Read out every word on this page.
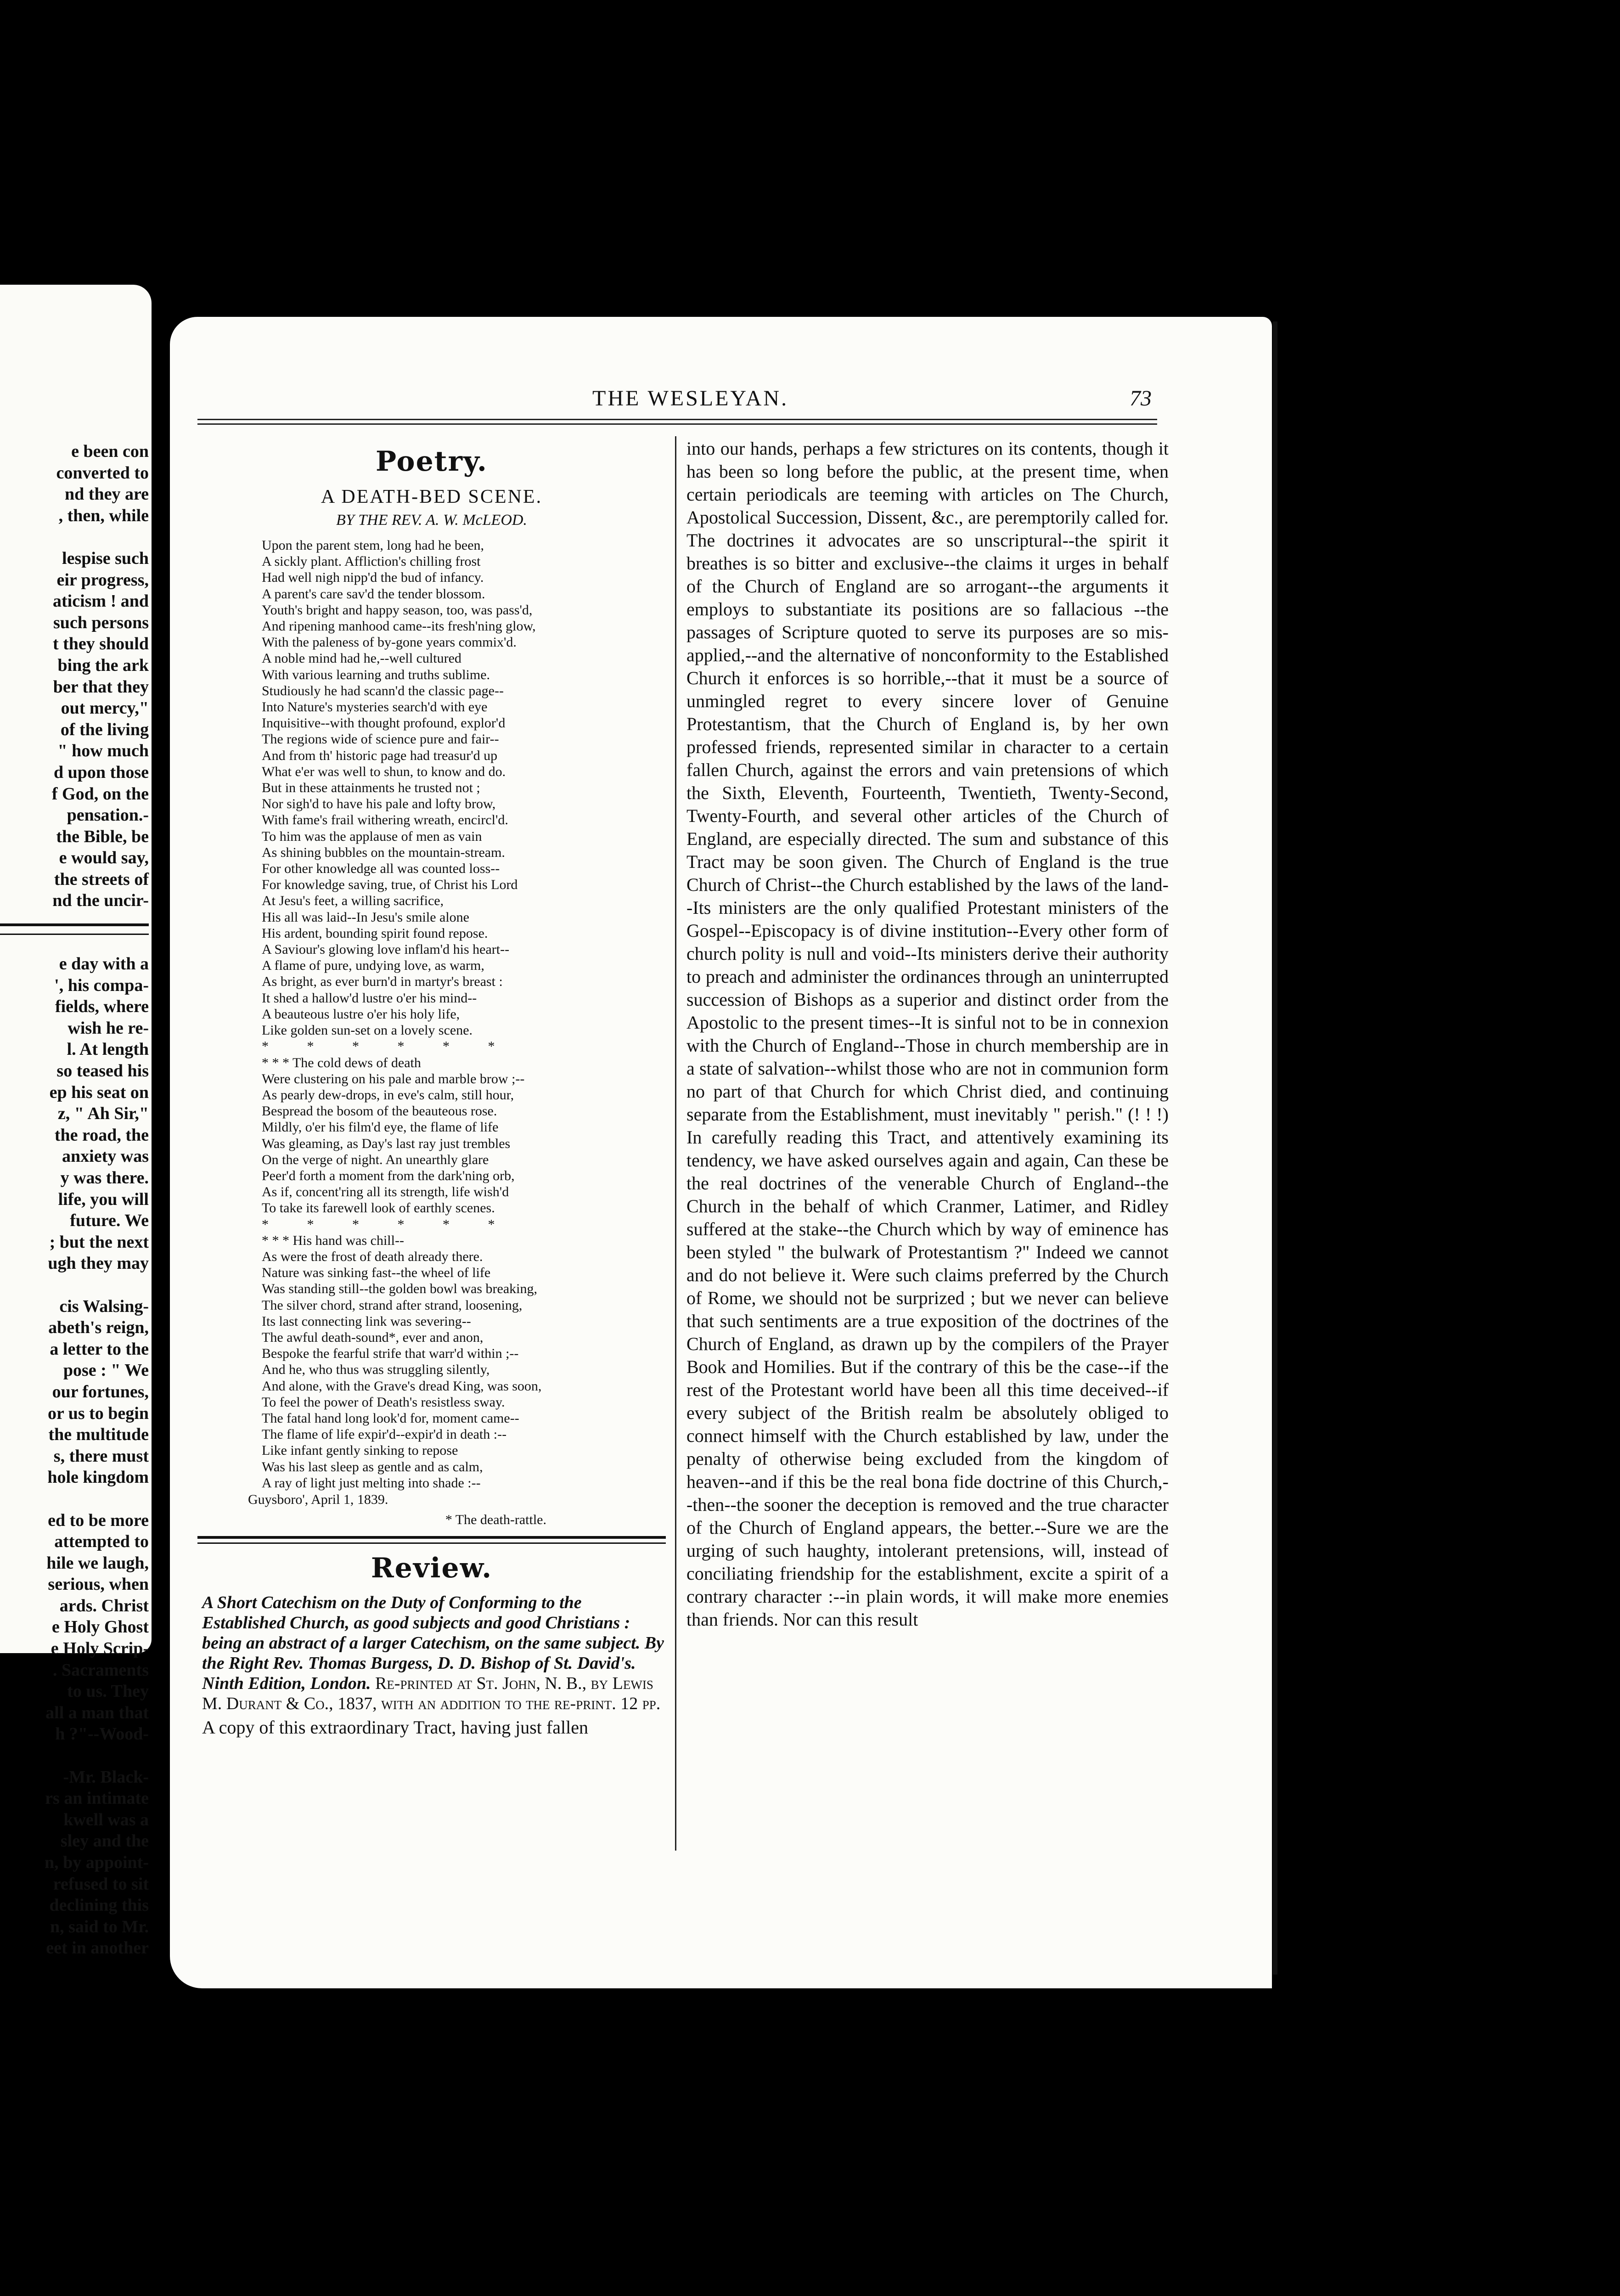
e been con
converted to
nd they are
, then, while

lespise such
eir progress,
aticism ! and
such persons
t they should
bing the ark
ber that they
out mercy,"
of the living
" how much
d upon those
f God, on the
pensation.-
the Bible, be
e would say,
the streets of
nd the uncir-
e day with a
', his compa-
fields, where
wish he re-
l. At length
so teased his
ep his seat on
z, " Ah Sir,"
the road, the
anxiety was
y was there.
life, you will
future. We
; but the next
ugh they may

cis Walsing-
abeth's reign,
a letter to the
pose : " We
our fortunes,
or us to begin
the multitude
s, there must
hole kingdom

ed to be more
attempted to
hile we laugh,
serious, when
ards. Christ
e Holy Ghost
e Holy Scrip-
. Sacraments
to us. They
all a man that
h ?"--Wood-

-Mr. Black-
rs an intimate
kwell was a
sley and the
n, by appoint-
refused to sit
declining this
n, said to Mr.
eet in another
THE WESLEYAN.	73
Poetry.
A DEATH-BED SCENE.
BY THE REV. A. W. McLEOD.
Upon the parent stem, long had he been,
A sickly plant. Affliction's chilling frost
Had well nigh nipp'd the bud of infancy.
A parent's care sav'd the tender blossom.
Youth's bright and happy season, too, was pass'd,
And ripening manhood came--its fresh'ning glow,
With the paleness of by-gone years commix'd.
A noble mind had he,--well cultured
With various learning and truths sublime.
Studiously he had scann'd the classic page--
Into Nature's mysteries search'd with eye
Inquisitive--with thought profound, explor'd
The regions wide of science pure and fair--
And from th' historic page had treasur'd up
What e'er was well to shun, to know and do.
But in these attainments he trusted not ;
Nor sigh'd to have his pale and lofty brow,
With fame's frail withering wreath, encircl'd.
To him was the applause of men as vain
As shining bubbles on the mountain-stream.
For other knowledge all was counted loss--
For knowledge saving, true, of Christ his Lord
At Jesu's feet, a willing sacrifice,
His all was laid--In Jesu's smile alone
His ardent, bounding spirit found repose.
A Saviour's glowing love inflam'd his heart--
A flame of pure, undying love, as warm,
As bright, as ever burn'd in martyr's breast :
It shed a hallow'd lustre o'er his mind--
A beauteous lustre o'er his holy life,
Like golden sun-set on a lovely scene.
* * * * * *
* * * The cold dews of death
Were clustering on his pale and marble brow ;--
As pearly dew-drops, in eve's calm, still hour,
Bespread the bosom of the beauteous rose.
Mildly, o'er his film'd eye, the flame of life
Was gleaming, as Day's last ray just trembles
On the verge of night. An unearthly glare
Peer'd forth a moment from the dark'ning orb,
As if, concent'ring all its strength, life wish'd
To take its farewell look of earthly scenes.
* * * * * *
* * * His hand was chill--
As were the frost of death already there.
Nature was sinking fast--the wheel of life
Was standing still--the golden bowl was breaking,
The silver chord, strand after strand, loosening,
Its last connecting link was severing--
The awful death-sound*, ever and anon,
Bespoke the fearful strife that warr'd within ;--
And he, who thus was struggling silently,
And alone, with the Grave's dread King, was soon,
To feel the power of Death's resistless sway.
The fatal hand long look'd for, moment came--
The flame of life expir'd--expir'd in death :--
Like infant gently sinking to repose
Was his last sleep as gentle and as calm,
A ray of light just melting into shade :--
Guysboro', April 1, 1839.
* The death-rattle.
Review.
A Short Catechism on the Duty of Conforming to the Established Church, as good subjects and good Christians : being an abstract of a larger Catechism, on the same subject. By the Right Rev. Thomas Burgess, D. D. Bishop of St. David's. Ninth Edition, London. Re-printed at St. John, N. B., by Lewis M. Durant & Co., 1837, with an addition to the re-print. 12 pp.
A copy of this extraordinary Tract, having just fallen

into our hands, perhaps a few strictures on its contents, though it has been so long before the public, at the present time, when certain periodicals are teeming with articles on The Church, Apostolical Succession, Dissent, &c., are peremptorily called for. The doctrines it advocates are so unscriptural--the spirit it breathes is so bitter and exclusive--the claims it urges in behalf of the Church of England are so arrogant--the arguments it employs to substantiate its positions are so fallacious --the passages of Scripture quoted to serve its purposes are so mis-applied,--and the alternative of nonconformity to the Established Church it enforces is so horrible,--that it must be a source of unmingled regret to every sincere lover of Genuine Protestantism, that the Church of England is, by her own professed friends, represented similar in character to a certain fallen Church, against the errors and vain pretensions of which the Sixth, Eleventh, Fourteenth, Twentieth, Twenty-Second, Twenty-Fourth, and several other articles of the Church of England, are especially directed. The sum and substance of this Tract may be soon given. The Church of England is the true Church of Christ--the Church established by the laws of the land--Its ministers are the only qualified Protestant ministers of the Gospel--Episcopacy is of divine institution--Every other form of church polity is null and void--Its ministers derive their authority to preach and administer the ordinances through an uninterrupted succession of Bishops as a superior and distinct order from the Apostolic to the present times--It is sinful not to be in connexion with the Church of England--Those in church membership are in a state of salvation--whilst those who are not in communion form no part of that Church for which Christ died, and continuing separate from the Establishment, must inevitably " perish." (! ! !) In carefully reading this Tract, and attentively examining its tendency, we have asked ourselves again and again, Can these be the real doctrines of the venerable Church of England--the Church in the behalf of which Cranmer, Latimer, and Ridley suffered at the stake--the Church which by way of eminence has been styled " the bulwark of Protestantism ?" Indeed we cannot and do not believe it. Were such claims preferred by the Church of Rome, we should not be surprized ; but we never can believe that such sentiments are a true exposition of the doctrines of the Church of England, as drawn up by the compilers of the Prayer Book and Homilies. But if the contrary of this be the case--if the rest of the Protestant world have been all this time deceived--if every subject of the British realm be absolutely obliged to connect himself with the Church established by law, under the penalty of otherwise being excluded from the kingdom of heaven--and if this be the real bona fide doctrine of this Church,--then--the sooner the deception is removed and the true character of the Church of England appears, the better.--Sure we are the urging of such haughty, intolerant pretensions, will, instead of conciliating friendship for the establishment, excite a spirit of a contrary character :--in plain words, it will make more enemies than friends. Nor can this result
